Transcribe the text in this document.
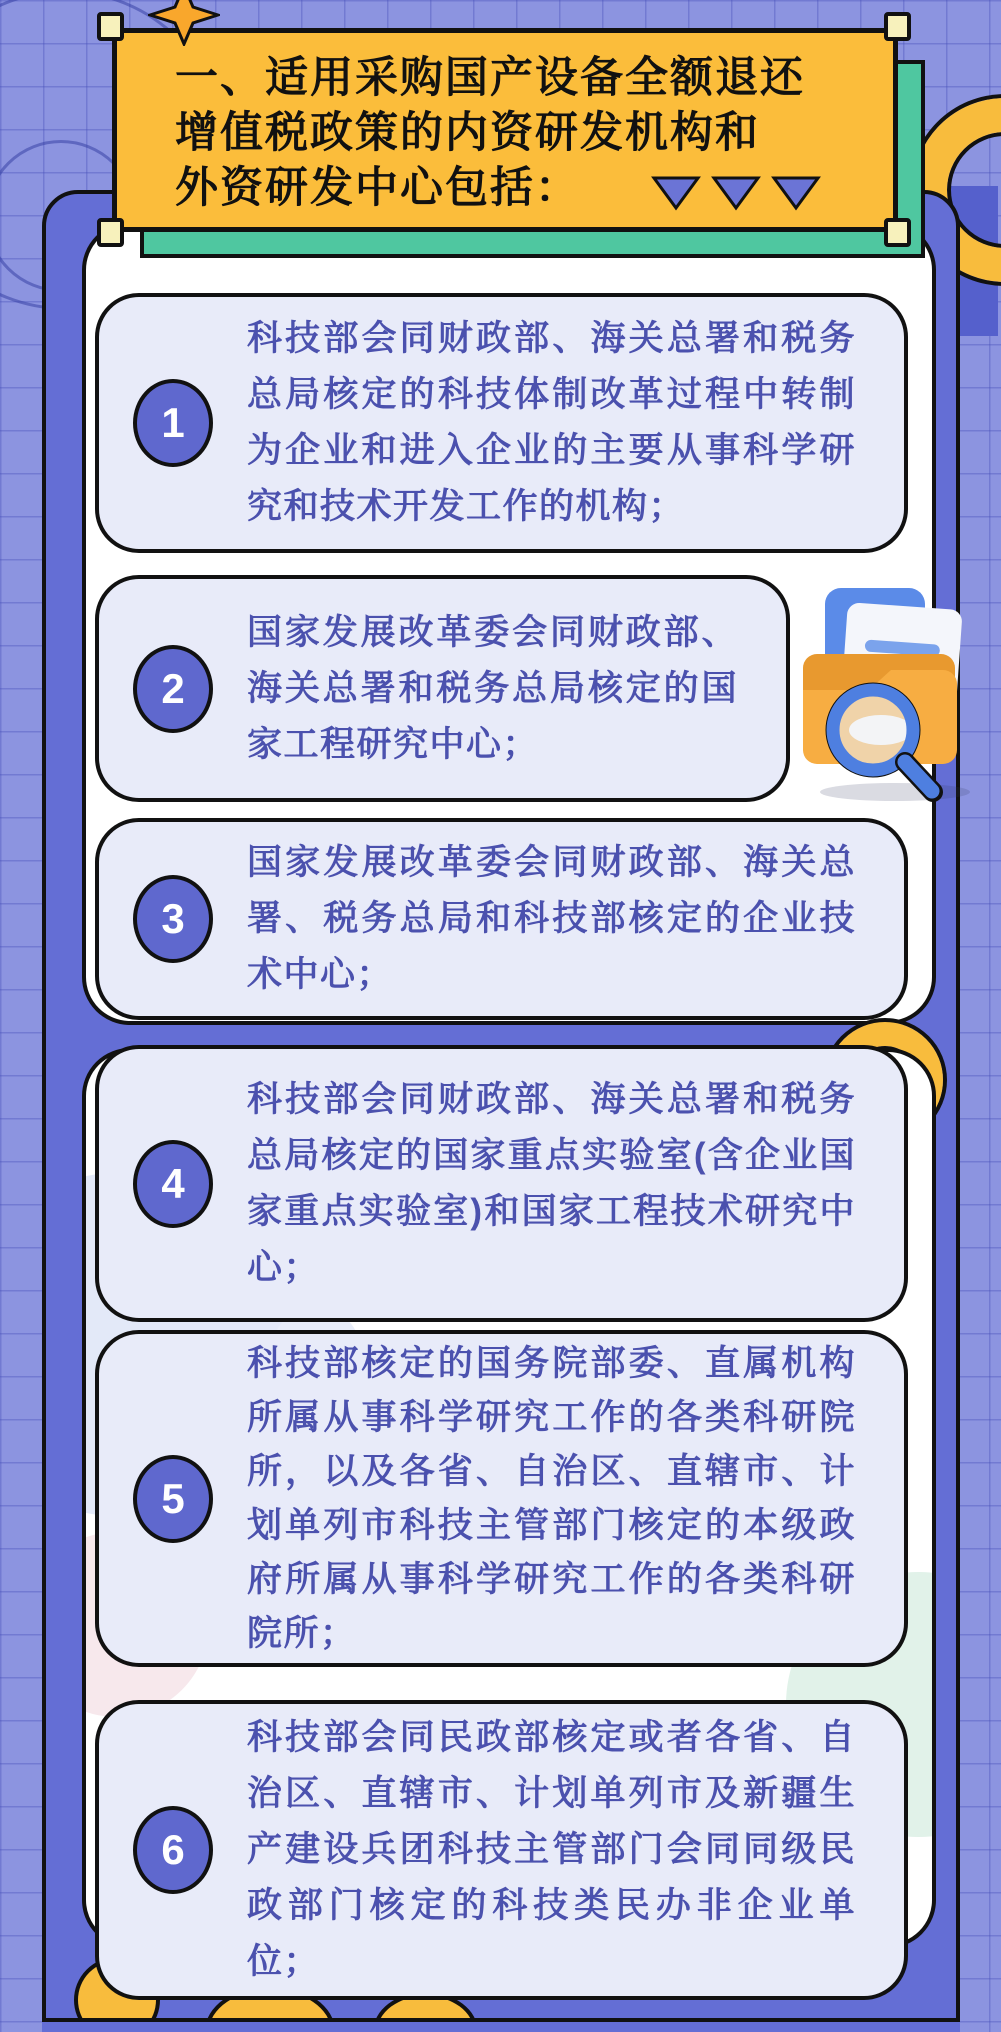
一、适用采购国产设备全额退还
增值税政策的内资研发机构和
外资研发中心包括：
1
科技部会同财政部、海关总署和税务总局核定的科技体制改革过程中转制为企业和进入企业的主要从事科学研究和技术开发工作的机构；
2
国家发展改革委会同财政部、海关总署和税务总局核定的国家工程研究中心；
3
国家发展改革委会同财政部、海关总署、税务总局和科技部核定的企业技术中心；
4
科技部会同财政部、海关总署和税务总局核定的国家重点实验室(含企业国家重点实验室)和国家工程技术研究中心；
5
科技部核定的国务院部委、直属机构所属从事科学研究工作的各类科研院所，以及各省、自治区、直辖市、计划单列市科技主管部门核定的本级政府所属从事科学研究工作的各类科研院所；
6
科技部会同民政部核定或者各省、自治区、直辖市、计划单列市及新疆生产建设兵团科技主管部门会同同级民政部门核定的科技类民办非企业单位；
